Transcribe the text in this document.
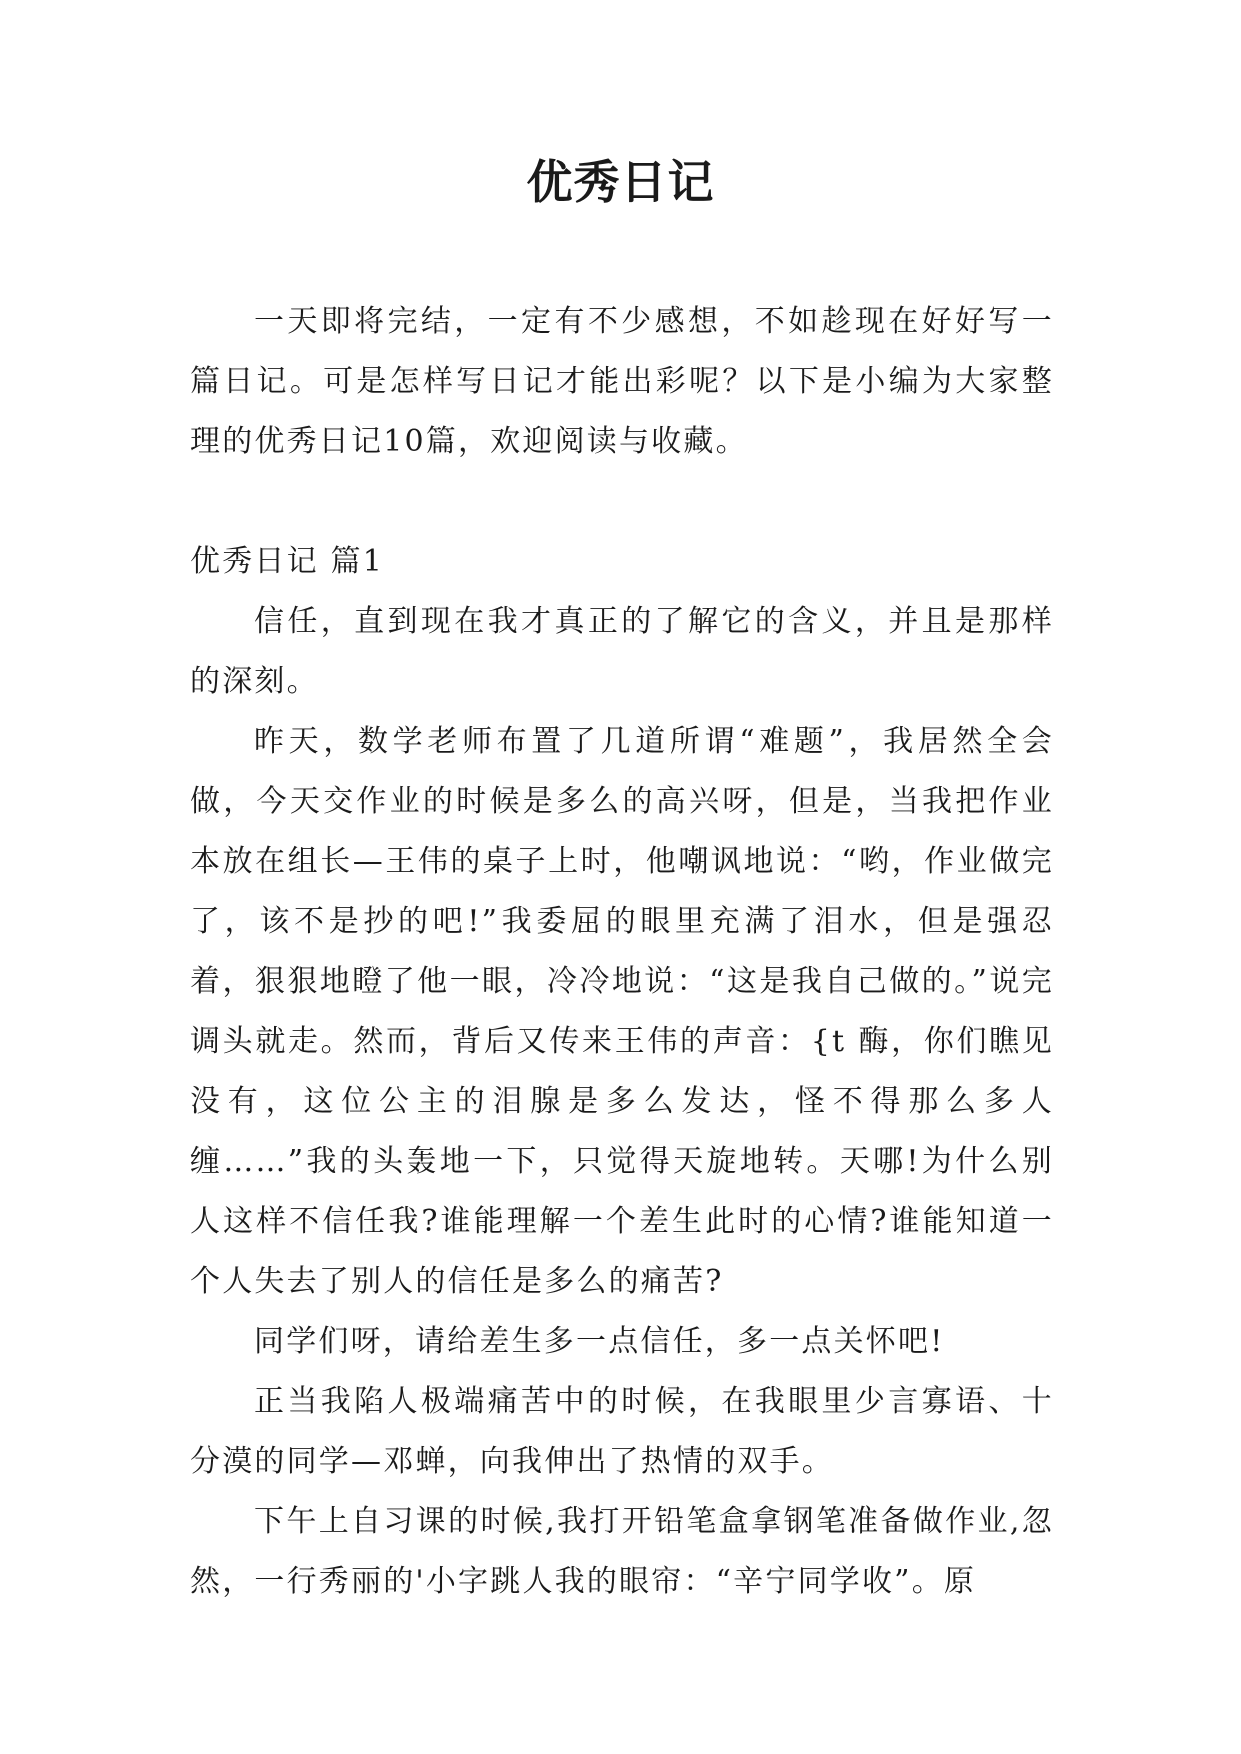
优秀日记

一天即将完结，一定有不少感想，不如趁现在好好写一篇日记。可是怎样写日记才能出彩呢？以下是小编为大家整理的优秀日记10篇，欢迎阅读与收藏。

优秀日记 篇1

信任，直到现在我才真正的了解它的含义，并且是那样的深刻。

昨天，数学老师布置了几道所谓“难题”，我居然全会做，今天交作业的时候是多么的高兴呀，但是，当我把作业本放在组长—王伟的桌子上时，他嘲讽地说：“哟，作业做完了，该不是抄的吧!”我委屈的眼里充满了泪水，但是强忍着，狠狠地瞪了他一眼，冷冷地说：“这是我自己做的。”说完调头就走。然而，背后又传来王伟的声音：{t 酶，你们瞧见没有，这位公主的泪腺是多么发达，怪不得那么多人缠……”我的头轰地一下，只觉得天旋地转。天哪!为什么别人这样不信任我?谁能理解一个差生此时的心情?谁能知道一个人失去了别人的信任是多么的痛苦?

同学们呀，请给差生多一点信任，多一点关怀吧!

正当我陷人极端痛苦中的时候，在我眼里少言寡语、十分漠的同学—邓蝉，向我伸出了热情的双手。

下午上自习课的时候,我打开铅笔盒拿钢笔准备做作业,忽然，一行秀丽的'小字跳人我的眼帘：“辛宁同学收”。原
